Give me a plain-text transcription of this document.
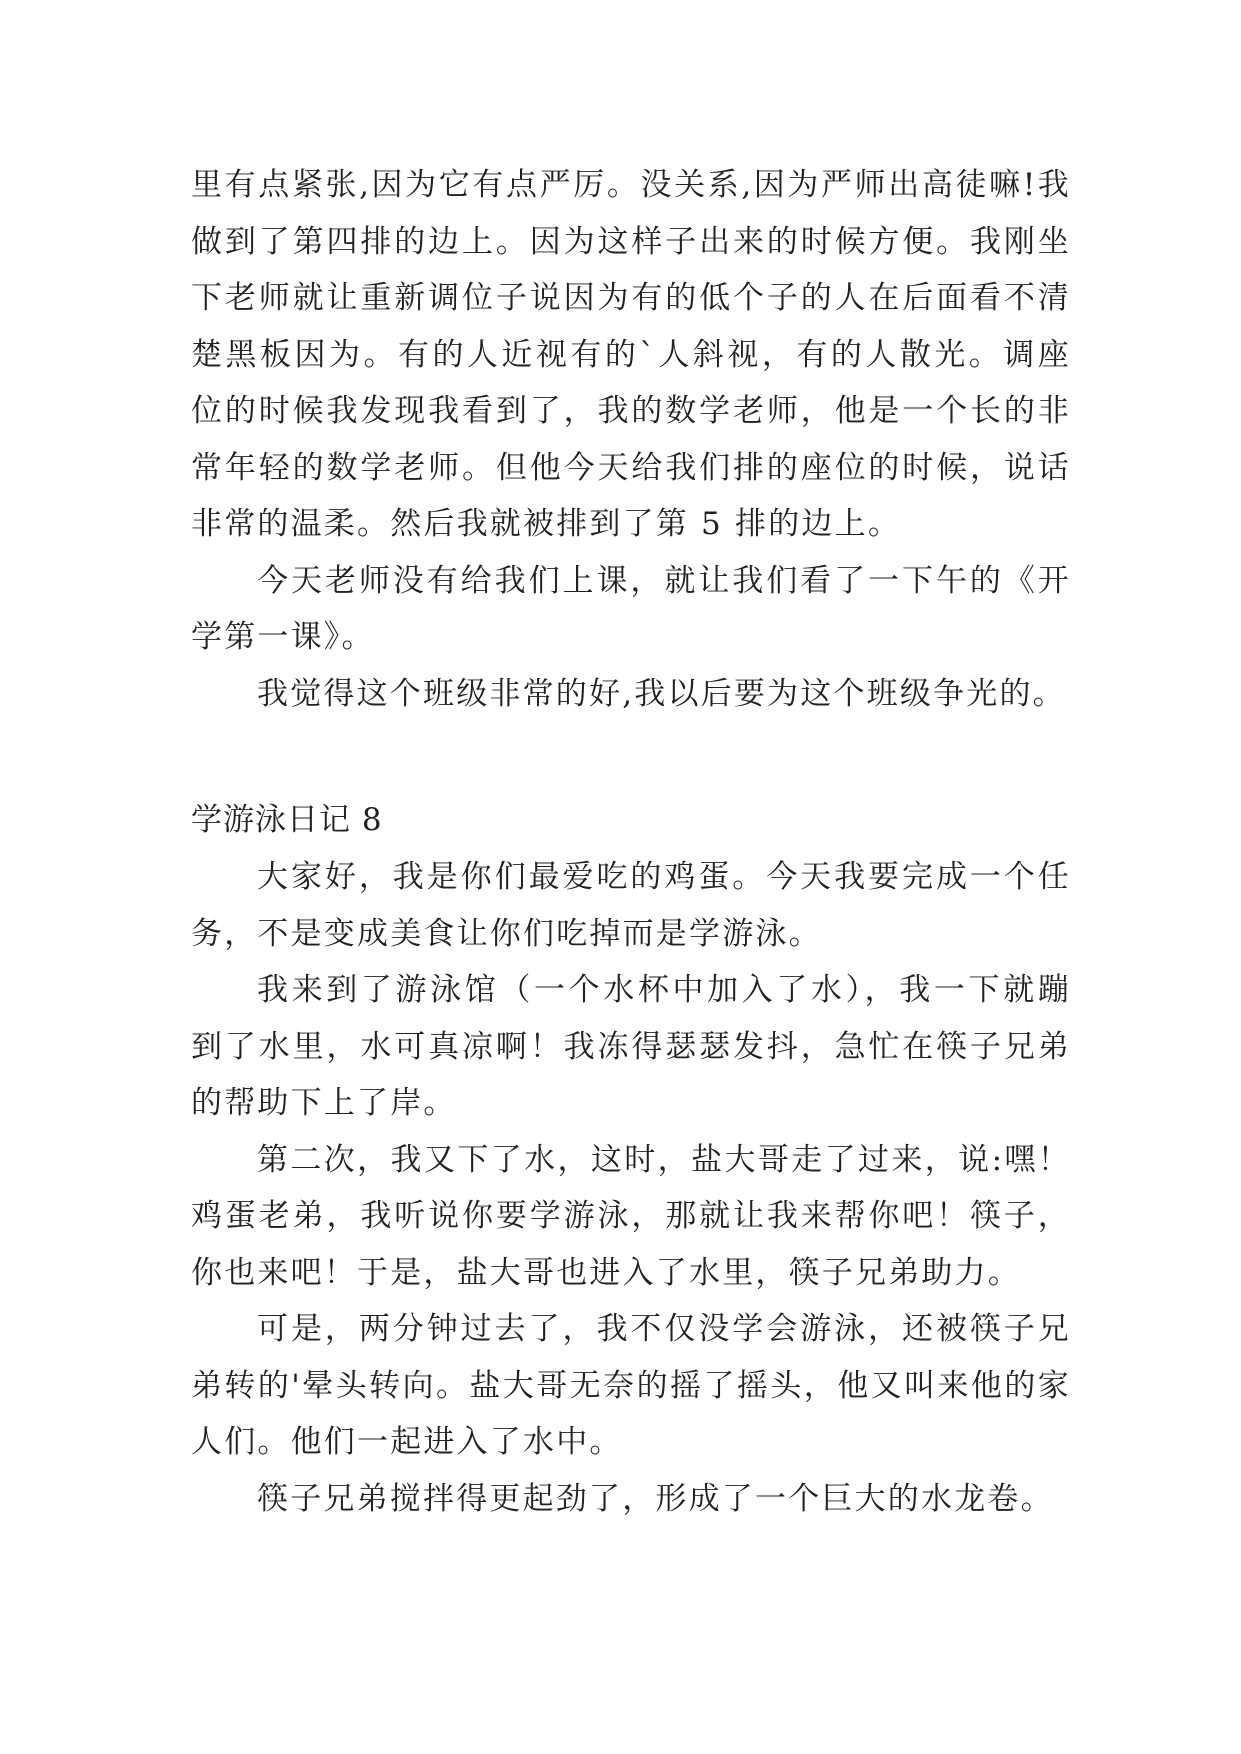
里有点紧张,因为它有点严厉。没关系,因为严师出高徒嘛!我做到了第四排的边上。因为这样子出来的时候方便。我刚坐下老师就让重新调位子说因为有的低个子的人在后面看不清楚黑板因为。有的人近视有的`人斜视，有的人散光。调座位的时候我发现我看到了，我的数学老师，他是一个长的非常年轻的数学老师。但他今天给我们排的座位的时候，说话非常的温柔。然后我就被排到了第 5 排的边上。

今天老师没有给我们上课，就让我们看了一下午的《开学第一课》。

我觉得这个班级非常的好,我以后要为这个班级争光的。

学游泳日记 8

大家好，我是你们最爱吃的鸡蛋。今天我要完成一个任务，不是变成美食让你们吃掉而是学游泳。

我来到了游泳馆（一个水杯中加入了水），我一下就蹦到了水里，水可真凉啊！我冻得瑟瑟发抖，急忙在筷子兄弟的帮助下上了岸。

第二次，我又下了水，这时，盐大哥走了过来，说:嘿！鸡蛋老弟，我听说你要学游泳，那就让我来帮你吧！筷子，你也来吧！于是，盐大哥也进入了水里，筷子兄弟助力。

可是，两分钟过去了，我不仅没学会游泳，还被筷子兄弟转的'晕头转向。盐大哥无奈的摇了摇头，他又叫来他的家人们。他们一起进入了水中。

筷子兄弟搅拌得更起劲了，形成了一个巨大的水龙卷。
